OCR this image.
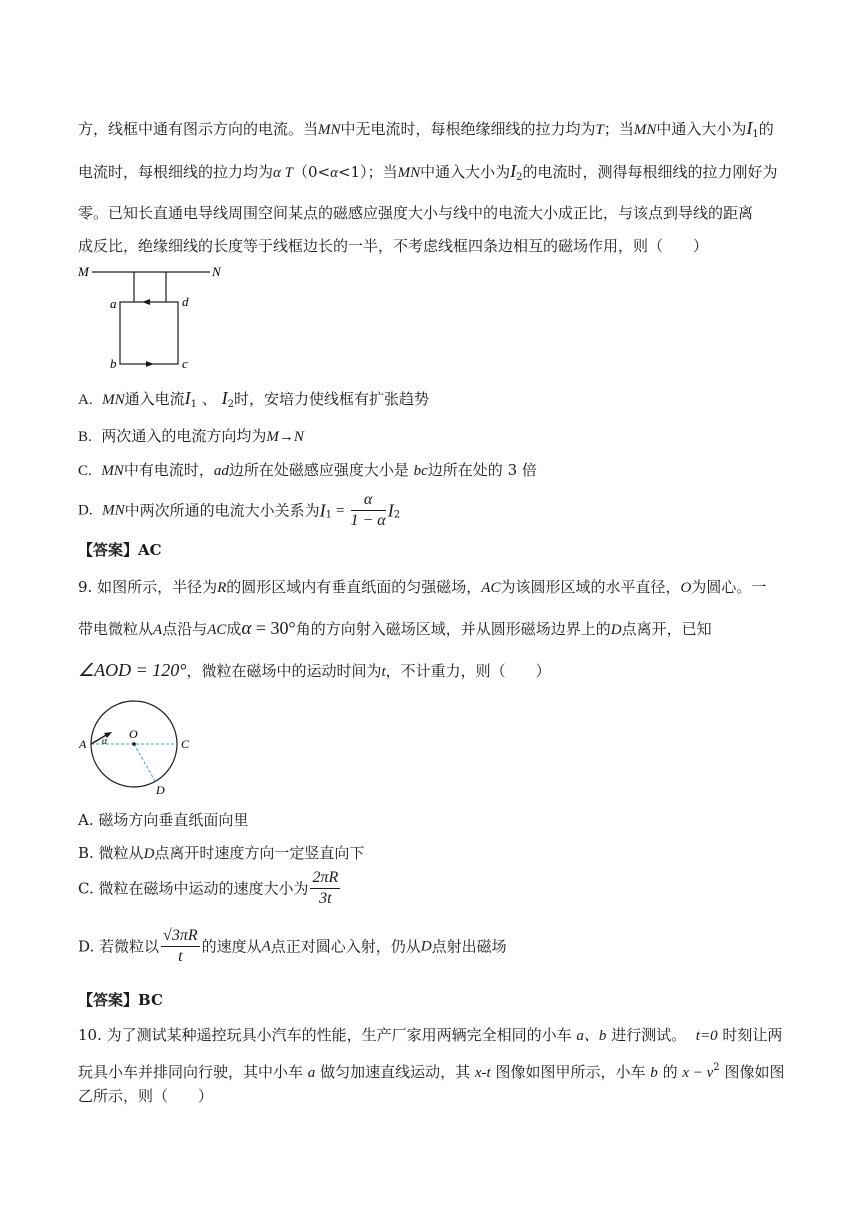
方，线框中通有图示方向的电流。当MN中无电流时，每根绝缘细线的拉力均为T；当MN中通入大小为$I_1$的
电流时，每根细线的拉力均为α T（0<α<1）；当MN中通入大小为$I_2$的电流时，测得每根细线的拉力刚好为
零。已知长直通电导线周围空间某点的磁感应强度大小与线中的电流大小成正比，与该点到导线的距离
成反比，绝缘细线的长度等于线框边长的一半，不考虑线框四条边相互的磁场作用，则（　　）
M	N
a	d
b	c
A. MN通入电流$I_1$ 、 $I_2$时，安培力使线框有扩张趋势
B. 两次通入的电流方向均为M→N
C. MN中有电流时，ad边所在处磁感应强度大小是 bc边所在处的 3 倍
D. MN中两次所通的电流大小关系为$I_1 = \frac{\alpha}{1 - \alpha} I_2$
【答案】AC
9. 如图所示，半径为R的圆形区域内有垂直纸面的匀强磁场，AC为该圆形区域的水平直径，O为圆心。一
带电微粒从A点沿与AC成α = 30°角的方向射入磁场区域，并从圆形磁场边界上的D点离开，已知
∠AOD = 120°，微粒在磁场中的运动时间为t，不计重力，则（　　）
A
O
C
D
α
A. 磁场方向垂直纸面向里
B. 微粒从D点离开时速度方向一定竖直向下
C. 微粒在磁场中运动的速度大小为 $\frac{2\pi R}{3t}$
D. 若微粒以 $\frac{√3\pi R}{t}$ 的速度从A点正对圆心入射，仍从D点射出磁场
【答案】BC
10. 为了测试某种遥控玩具小汽车的性能，生产厂家用两辆完全相同的小车 a、b 进行测试。 t=0 时刻让两
玩具小车并排同向行驶，其中小车 a 做匀加速直线运动，其 x-t 图像如图甲所示，小车 b 的 $x - v^2$ 图像如图
乙所示，则（　　）
